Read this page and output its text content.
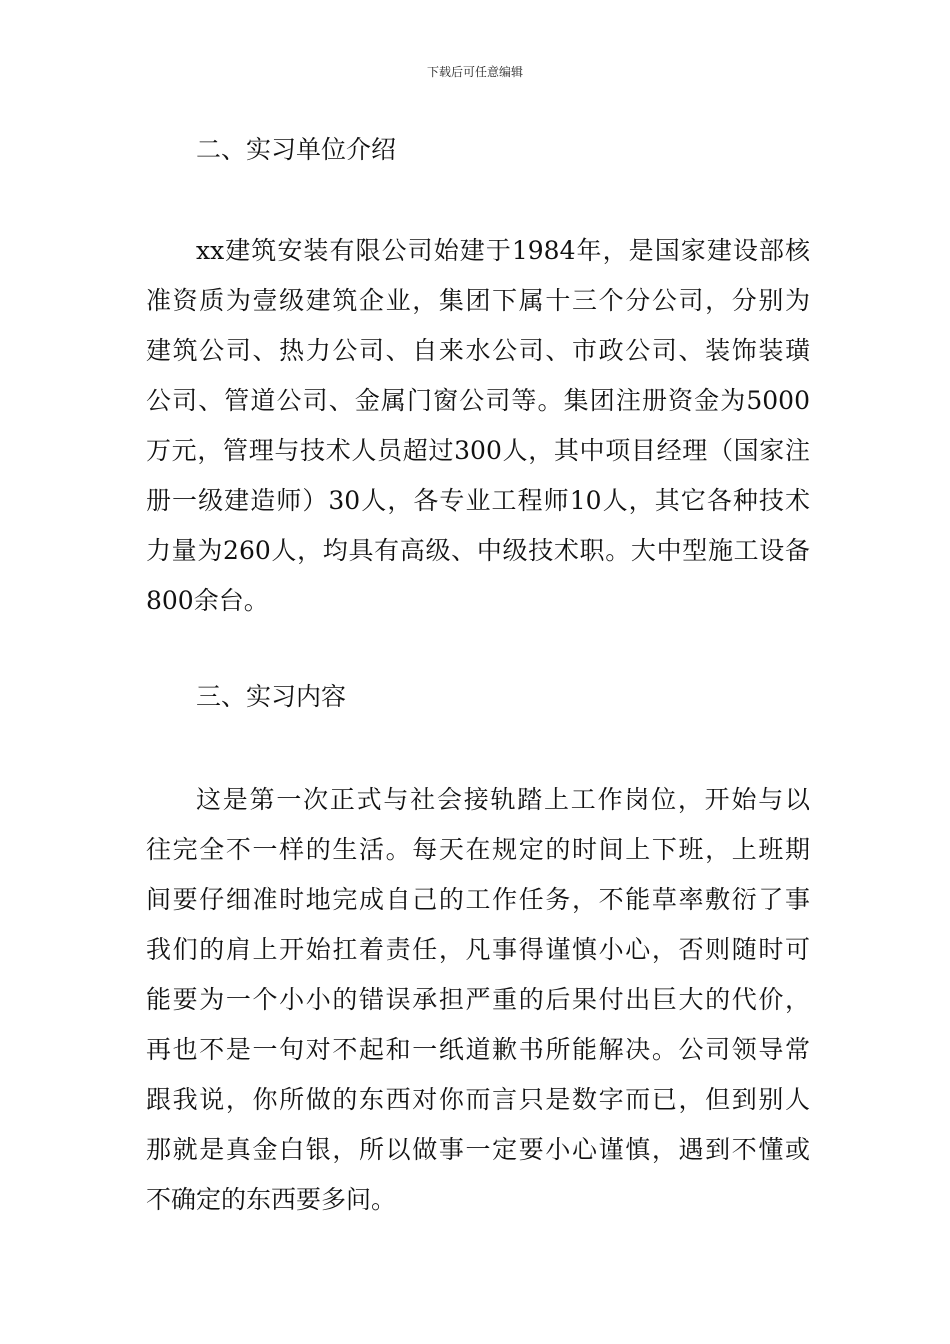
下载后可任意编辑
二、实习单位介绍
xx建筑安装有限公司始建于1984年，是国家建设部核
准资质为壹级建筑企业，集团下属十三个分公司，分别为
建筑公司、热力公司、自来水公司、市政公司、装饰装璜
公司、管道公司、金属门窗公司等。集团注册资金为5000
万元，管理与技术人员超过300人，其中项目经理（国家注
册一级建造师）30人，各专业工程师10人，其它各种技术
力量为260人，均具有高级、中级技术职。大中型施工设备
800余台。
三、实习内容
这是第一次正式与社会接轨踏上工作岗位，开始与以
往完全不一样的生活。每天在规定的时间上下班，上班期
间要仔细准时地完成自己的工作任务，不能草率敷衍了事
我们的肩上开始扛着责任，凡事得谨慎小心，否则随时可
能要为一个小小的错误承担严重的后果付出巨大的代价，
再也不是一句对不起和一纸道歉书所能解决。公司领导常
跟我说，你所做的东西对你而言只是数字而已，但到别人
那就是真金白银，所以做事一定要小心谨慎，遇到不懂或
不确定的东西要多问。
